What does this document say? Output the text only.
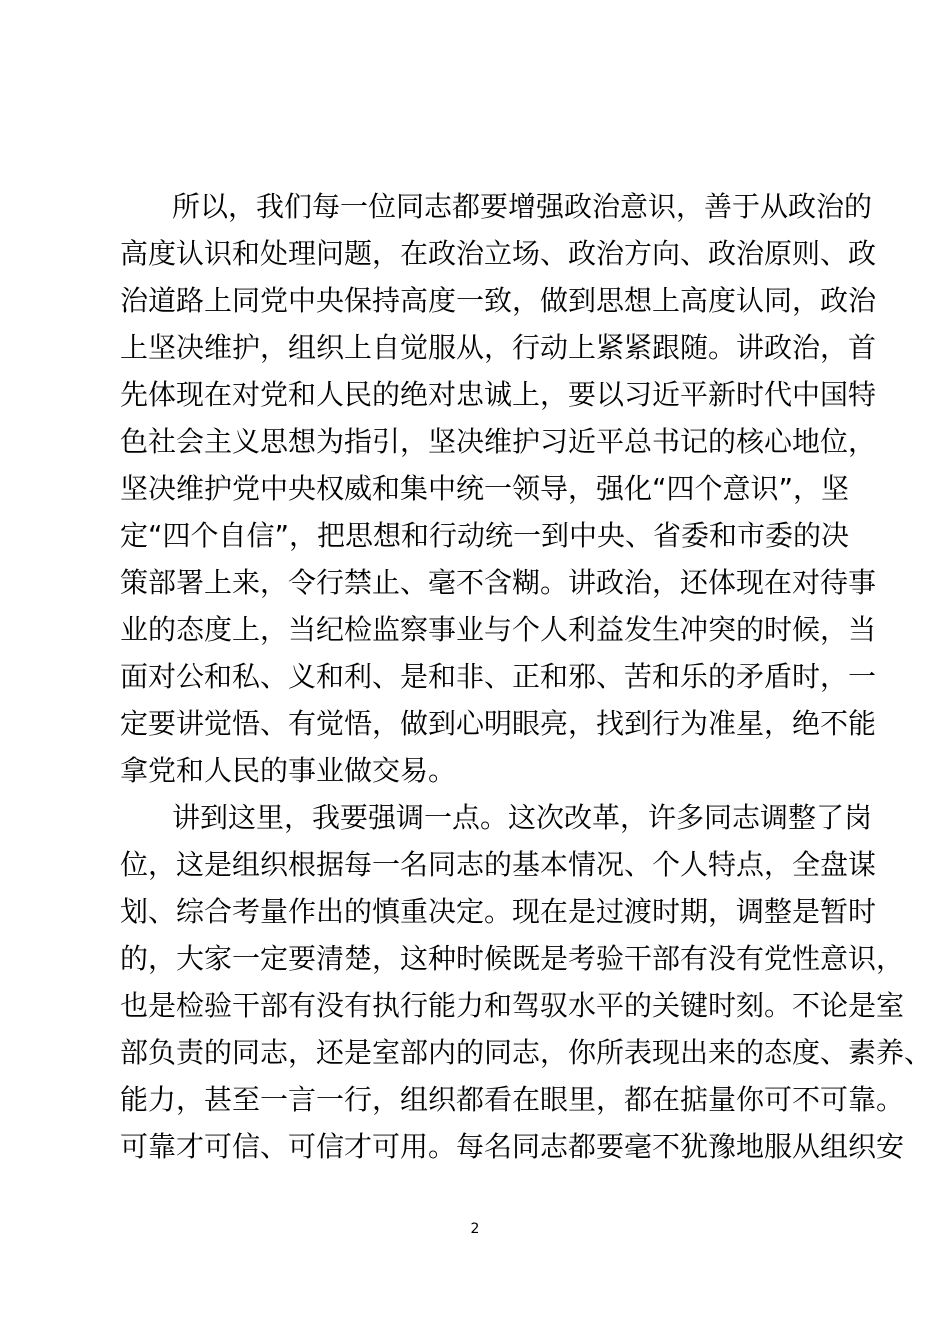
所以，我们每一位同志都要增强政治意识，善于从政治的
高度认识和处理问题，在政治立场、政治方向、政治原则、政
治道路上同党中央保持高度一致，做到思想上高度认同，政治
上坚决维护，组织上自觉服从，行动上紧紧跟随。讲政治，首
先体现在对党和人民的绝对忠诚上，要以习近平新时代中国特
色社会主义思想为指引，坚决维护习近平总书记的核心地位，
坚决维护党中央权威和集中统一领导，强化“四个意识”，坚
定“四个自信”，把思想和行动统一到中央、省委和市委的决
策部署上来，令行禁止、毫不含糊。讲政治，还体现在对待事
业的态度上，当纪检监察事业与个人利益发生冲突的时候，当
面对公和私、义和利、是和非、正和邪、苦和乐的矛盾时，一
定要讲觉悟、有觉悟，做到心明眼亮，找到行为准星，绝不能
拿党和人民的事业做交易。
讲到这里，我要强调一点。这次改革，许多同志调整了岗
位，这是组织根据每一名同志的基本情况、个人特点，全盘谋
划、综合考量作出的慎重决定。现在是过渡时期，调整是暂时
的，大家一定要清楚，这种时候既是考验干部有没有党性意识，
也是检验干部有没有执行能力和驾驭水平的关键时刻。不论是室
部负责的同志，还是室部内的同志，你所表现出来的态度、素养、
能力，甚至一言一行，组织都看在眼里，都在掂量你可不可靠。
可靠才可信、可信才可用。每名同志都要毫不犹豫地服从组织安
2
